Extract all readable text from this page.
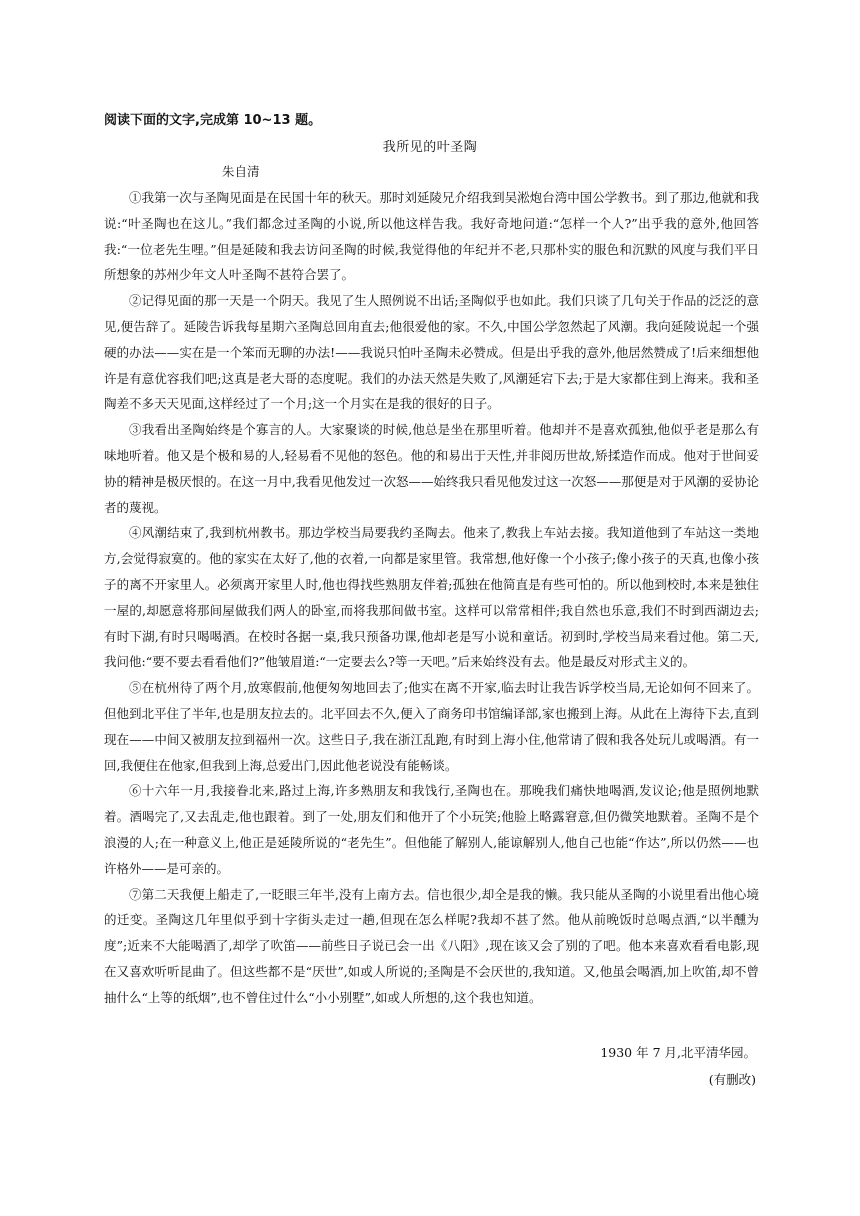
阅读下面的文字,完成第 10~13 题。
我所见的叶圣陶
朱自清

①我第一次与圣陶见面是在民国十年的秋天。那时刘延陵兄介绍我到吴淞炮台湾中国公学教书。到了那边,他就和我说:“叶圣陶也在这儿。”我们都念过圣陶的小说,所以他这样告我。我好奇地问道:“怎样一个人?”出乎我的意外,他回答我:“一位老先生哩。”但是延陵和我去访问圣陶的时候,我觉得他的年纪并不老,只那朴实的服色和沉默的风度与我们平日所想象的苏州少年文人叶圣陶不甚符合罢了。

②记得见面的那一天是一个阴天。我见了生人照例说不出话;圣陶似乎也如此。我们只谈了几句关于作品的泛泛的意见,便告辞了。延陵告诉我每星期六圣陶总回甪直去;他很爱他的家。不久,中国公学忽然起了风潮。我向延陵说起一个强硬的办法——实在是一个笨而无聊的办法!——我说只怕叶圣陶未必赞成。但是出乎我的意外,他居然赞成了!后来细想他许是有意优容我们吧;这真是老大哥的态度呢。我们的办法天然是失败了,风潮延宕下去;于是大家都住到上海来。我和圣陶差不多天天见面,这样经过了一个月;这一个月实在是我的很好的日子。

③我看出圣陶始终是个寡言的人。大家聚谈的时候,他总是坐在那里听着。他却并不是喜欢孤独,他似乎老是那么有味地听着。他又是个极和易的人,轻易看不见他的怒色。他的和易出于天性,并非阅历世故,矫揉造作而成。他对于世间妥协的精神是极厌恨的。在这一月中,我看见他发过一次怒——始终我只看见他发过这一次怒——那便是对于风潮的妥协论者的蔑视。

④风潮结束了,我到杭州教书。那边学校当局要我约圣陶去。他来了,教我上车站去接。我知道他到了车站这一类地方,会觉得寂寞的。他的家实在太好了,他的衣着,一向都是家里管。我常想,他好像一个小孩子;像小孩子的天真,也像小孩子的离不开家里人。必须离开家里人时,他也得找些熟朋友伴着;孤独在他简直是有些可怕的。所以他到校时,本来是独住一屋的,却愿意将那间屋做我们两人的卧室,而将我那间做书室。这样可以常常相伴;我自然也乐意,我们不时到西湖边去;有时下湖,有时只喝喝酒。在校时各据一桌,我只预备功课,他却老是写小说和童话。初到时,学校当局来看过他。第二天,我问他:“要不要去看看他们?”他皱眉道:“一定要去么?等一天吧。”后来始终没有去。他是最反对形式主义的。

⑤在杭州待了两个月,放寒假前,他便匆匆地回去了;他实在离不开家,临去时让我告诉学校当局,无论如何不回来了。但他到北平住了半年,也是朋友拉去的。北平回去不久,便入了商务印书馆编译部,家也搬到上海。从此在上海待下去,直到现在——中间又被朋友拉到福州一次。这些日子,我在浙江乱跑,有时到上海小住,他常请了假和我各处玩儿或喝酒。有一回,我便住在他家,但我到上海,总爱出门,因此他老说没有能畅谈。

⑥十六年一月,我接眷北来,路过上海,许多熟朋友和我饯行,圣陶也在。那晚我们痛快地喝酒,发议论;他是照例地默着。酒喝完了,又去乱走,他也跟着。到了一处,朋友们和他开了个小玩笑;他脸上略露窘意,但仍微笑地默着。圣陶不是个浪漫的人;在一种意义上,他正是延陵所说的“老先生”。但他能了解别人,能谅解别人,他自己也能“作达”,所以仍然——也许格外——是可亲的。

⑦第二天我便上船走了,一眨眼三年半,没有上南方去。信也很少,却全是我的懒。我只能从圣陶的小说里看出他心境的迁变。圣陶这几年里似乎到十字街头走过一趟,但现在怎么样呢?我却不甚了然。他从前晚饭时总喝点酒,“以半醺为度”;近来不大能喝酒了,却学了吹笛——前些日子说已会一出《八阳》,现在该又会了别的了吧。他本来喜欢看看电影,现在又喜欢听听昆曲了。但这些都不是“厌世”,如或人所说的;圣陶是不会厌世的,我知道。又,他虽会喝酒,加上吹笛,却不曾抽什么“上等的纸烟”,也不曾住过什么“小小别墅”,如或人所想的,这个我也知道。

1930 年 7 月,北平清华园。
(有删改)
